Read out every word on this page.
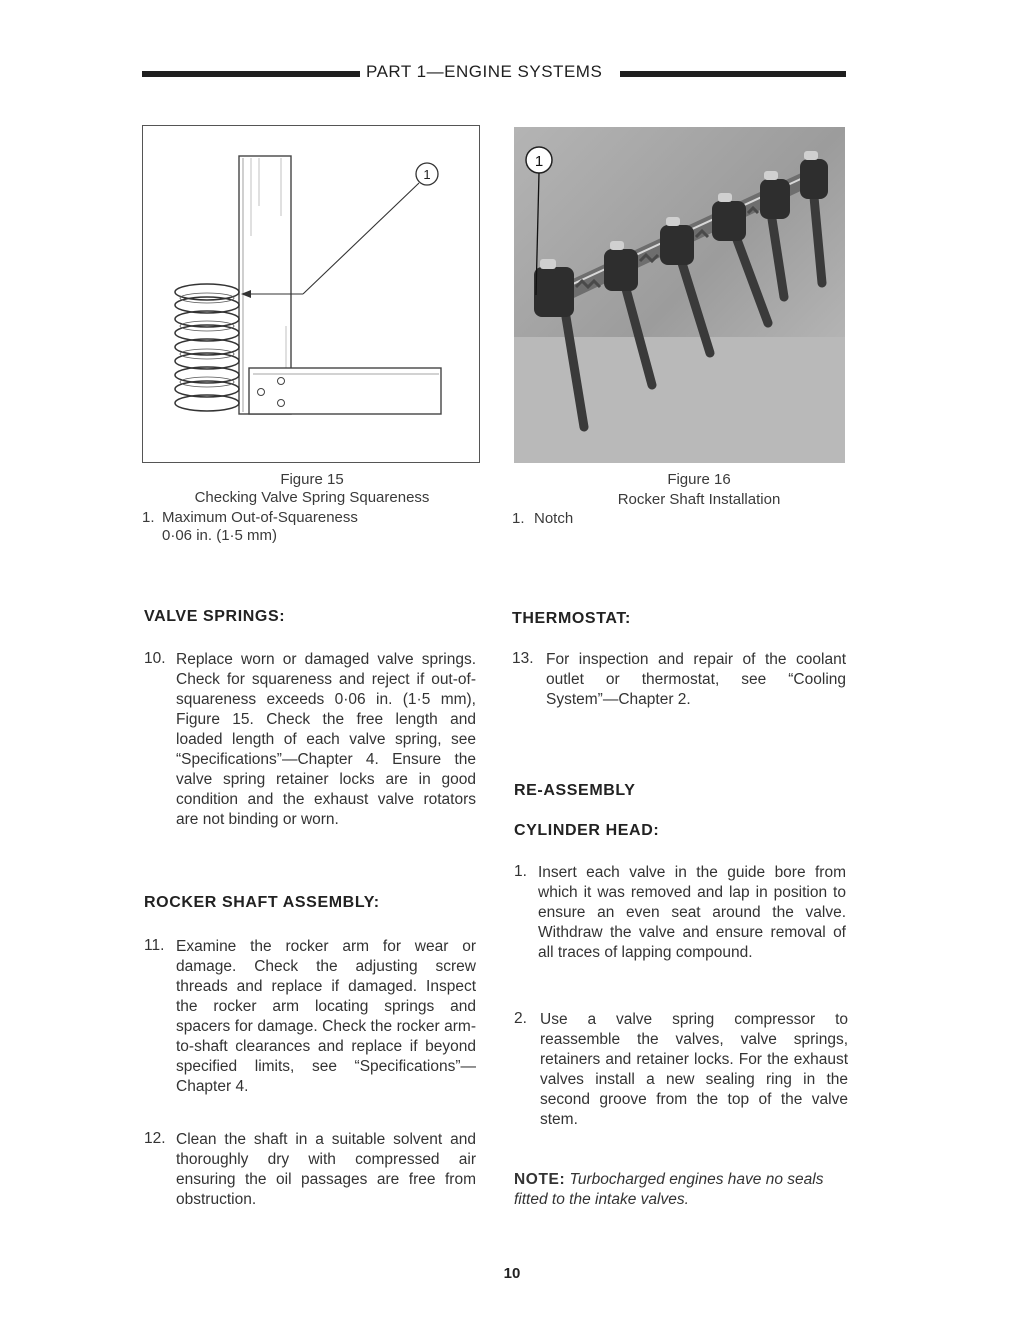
PART 1—ENGINE SYSTEMS
1
1
Figure 15
Checking Valve Spring Squareness
1. Maximum Out-of-Squareness
0·06 in. (1·5 mm)
Figure 16
Rocker Shaft Installation
1. Notch
VALVE SPRINGS:
10. Replace worn or damaged valve springs. Check for squareness and reject if out-of-squareness exceeds 0·06 in. (1·5 mm), Figure 15. Check the free length and loaded length of each valve spring, see “Specifications”—Chapter 4. Ensure the valve spring retainer locks are in good condition and the exhaust valve rotators are not binding or worn.
ROCKER SHAFT ASSEMBLY:
11. Examine the rocker arm for wear or damage. Check the adjusting screw threads and replace if damaged. Inspect the rocker arm locating springs and spacers for damage. Check the rocker arm-to-shaft clearances and replace if beyond specified limits, see “Specifications”—Chapter 4.
12. Clean the shaft in a suitable solvent and thoroughly dry with compressed air ensuring the oil passages are free from obstruction.
THERMOSTAT:
13. For inspection and repair of the coolant outlet or thermostat, see “Cooling System”—Chapter 2.
RE-ASSEMBLY
CYLINDER HEAD:
1. Insert each valve in the guide bore from which it was removed and lap in position to ensure an even seat around the valve. Withdraw the valve and ensure removal of all traces of lapping compound.
2. Use a valve spring compressor to reassemble the valves, valve springs, retainers and retainer locks. For the exhaust valves install a new sealing ring in the second groove from the top of the valve stem.
NOTE: Turbocharged engines have no seals fitted to the intake valves.
10
